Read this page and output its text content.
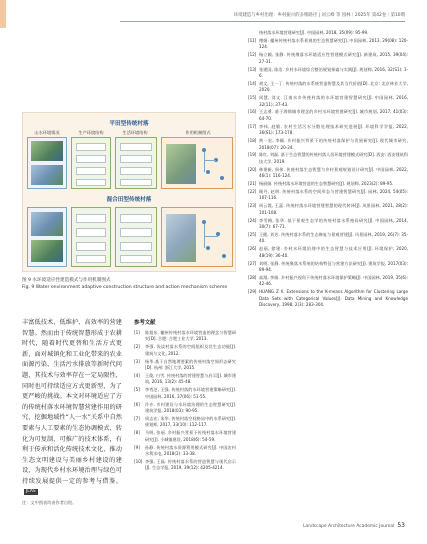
环境建造与乡村治理：乡村振兴的多维路径 | 刘云峰 等 园林｜2025年 第42卷｜第10期
平田型传统村落
山水环境情况	生产环境结构	生活环境结构	作用机制图式
混合田型传统村落
图 9 水环境适应性建造模式与作用机制图式
Fig. 9 Water environment adaptive construction structure and action mechanism scheme

丰富低技术、低维护、高效率的营建智慧。然而由于传统智慧形成于农耕时代，随着时代更替和生活方式更新，面对城镇化和工业化带来的农业面源污染、生活污水排放等新时代问题，其技术与效率存在一定局限性，同时也可持续适应方式更新型，为了更严峻的挑战。本文对环境适应了方的传统村落水环境智慧营建作用的研究，挖掘地域性“人一水”关系中自然要素与人工要素的生态协调模式、转化为可复制、可推广的技术体系，有利于传承和活化传统技术文化，推动生态文明建设与美丽乡村建设的建设，为现代乡村水环境治理与绿色可持续发展提供一定的参考与借鉴。JLAS

注：文中图表均由作者自绘。
参考文献
[1]	陈旭东. 徽州传统村落水环境营造的理念与智慧研究[D]. 合肥: 合肥工业大学, 2013.
[2]	李强. 浅谈村落水系的空间组织及其生态功能[J]. 建筑与文化, 2012.
[3]	杨华.基于自然地理要素的传统村落空间形态研究[D]. 杭州: 浙江大学, 2015.
[4]	王俊, 白雪. 传统村落的营建智慧与启示[J]. 城市建筑, 2016, 13(2): 45-48.
[5]	李秀芝, 王强. 传统村落的水环境营建策略研究[J]. 中国园林, 2016, 37(06): 51-55.
[6]	许亦. 乡村建设与水环境治理的生态智慧研究[J]. 建筑学报, 2018(03): 90-95.
[7]	周志宏, 朱华. 传统村落空间格局中的水系研究[J]. 规划师, 2017, 33(10): 112-117.
[8]	马明, 张丽. 乡村振兴背景下传统村落水环境营建研究[J]. 小城镇建设, 2018(6): 54-59.
[9]	孙静. 传统村落水资源利用模式研究[J]. 中国农村水利水电, 2018(2): 33-38.
[10] 李强, 王磊. 传统村落水系的营造智慧与现代启示[J]. 生态学报, 2019, 39(12): 4205-4214.
统村落水环境营建研究[J]. 中国园林, 2018, 35(09): 95-99.
[11] 傅娟. 徽州传统村落水系景观的生态智慧研究[J]. 中国园林, 2013, 29(08): 120-124.
[12] 杨立颖, 张静. 传统聚落水环境适应性营建模式研究[J]. 新建筑, 2015, 39(04): 27-31.
[13] 张建国, 陈浩. 乡村水环境综合整治规划探索与实践[J]. 规划师, 2016, 32(S1): 1-6.
[14] 胡文, 王一丁. 传统村落的水系统营造智慧及其当代价值[D]. 北京: 北京林业大学, 2020.
[15] 周慧, 刘文. 江南水乡传统村落的水环境营建智慧研究[J]. 中国园林, 2016, 32(11): 37-43.
[16] 王志勇. 基于海绵城市理念的乡村水环境营建研究[J]. 城市规划, 2017, 41(03): 64-70.
[17] 李伟, 赵敏. 农村生活污水分散处理技术研究进展[J]. 环境科学学报, 2022, 36(S1): 173-178.
[18] 黄一宏, 李颖. 乡村振兴背景下的传统村落保护与发展研究[J]. 现代城市研究, 2018(07): 20-24.
[19] 陈红, 刘磊. 基于生态智慧的传统村落人居环境营建模式研究[D]. 西安: 西安建筑科技大学, 2019.
[20] 林建新, 周伟. 传统村落生态智慧与乡村景观规划设计研究[J]. 中国园林, 2022, 46(1): 116-124.
[21] 杨丽娟. 传统村落水环境营造的生态智慧研究[J]. 规划师, 2023(2): 89-95.
[22] 顾丹, 赵明. 传统村落水系的空间形态与营建智慧研究[J]. 园林, 2024, 54(05): 107-116.
[23] 周云霞, 王蕊. 传统村落水环境营建智慧的现代转译[J]. 风景园林, 2021, 28(2): 101-108.
[24] 李雪梅, 张华. 基于景观生态学的传统村落水系格局研究[J]. 中国园林, 2014, 30(7): 67-71.
[25] 王健, 刘芳. 传统村落水系的生态修复与景观营建[J]. 风景园林, 2019, 26(7): 35-40.
[26] 赵丽, 徐建. 乡村水环境治理中的生态智慧与技术应用[J]. 环境保护, 2020, 48(19): 36-40.
[27] 刘明, 张静. 传统聚落水系统的结构特征与营建方法研究[J]. 建筑学报, 2017(03): 89-94.
[28] 高翔, 李娟. 乡村振兴视角下传统村落水环境保护策略[J]. 中国园林, 2019, 35(6): 42-46.
[29] HUANG Z X. Extensions to the K-means Algorithm for Clustering Large Data Sets with Categorical Values[J]. Data Mining and Knowledge Discovery, 1998, 2(3): 283-304.
Landscape Architecture Academic Journal 53
